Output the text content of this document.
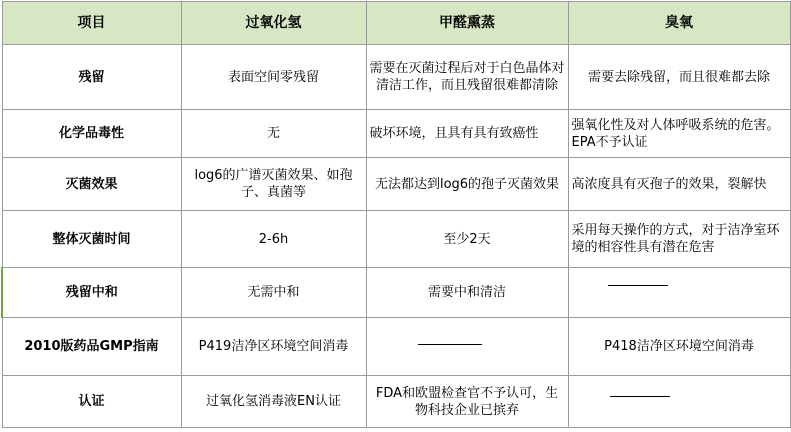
项目	过氧化氢	甲醛熏蒸	臭氧
残留	表面空间零残留	需要在灭菌过程后对于白色晶体对清洁工作，而且残留很难都清除	需要去除残留，而且很难都去除
化学品毒性	无	破坏环境，且具有具有致癌性	强氧化性及对人体呼吸系统的危害。EPA不予认证
灭菌效果	log6的广谱灭菌效果、如孢子、真菌等	无法都达到log6的孢子灭菌效果	高浓度具有灭孢子的效果，裂解快
整体灭菌时间	2-6h	至少2天	采用每天操作的方式，对于洁净室环境的相容性具有潜在危害
残留中和	无需中和	需要中和清洁	
2010版药品GMP指南	P419洁净区环境空间消毒		P418洁净区环境空间消毒
认证	过氧化氢消毒液EN认证	FDA和欧盟检查官不予认可，生物科技企业已摈弃	
